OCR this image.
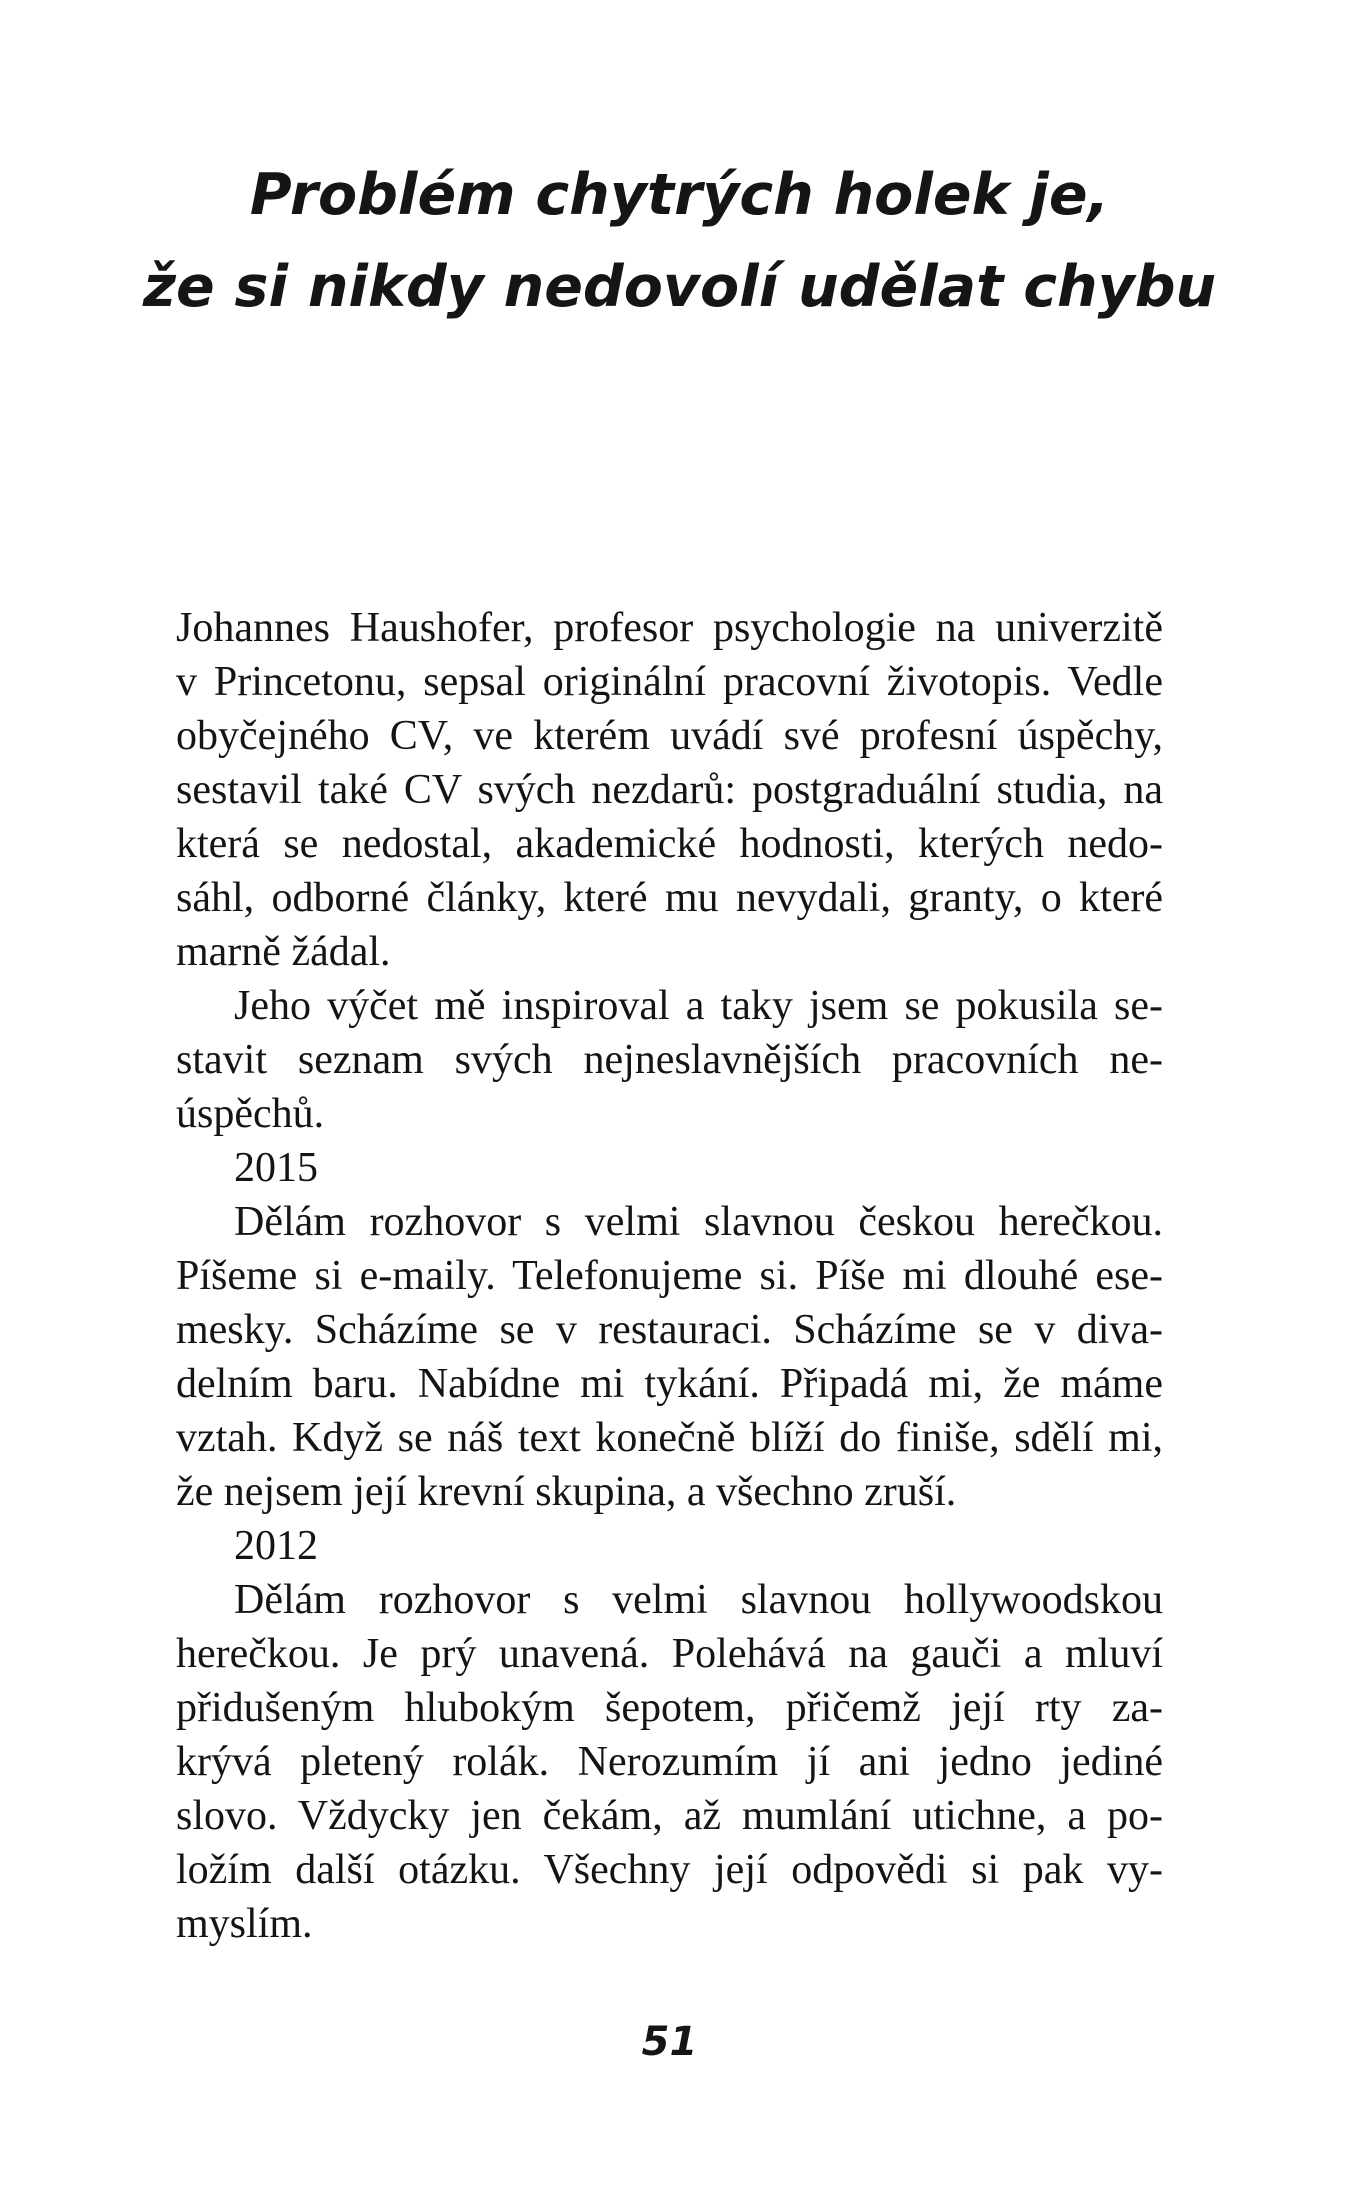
Problém chytrých holek je,
že si nikdy nedovolí udělat chybu
Johannes Haushofer, profesor psychologie na univerzitě
v Princetonu, sepsal originální pracovní životopis. Vedle
obyčejného CV, ve kterém uvádí své profesní úspěchy,
sestavil také CV svých nezdarů: postgraduální studia, na
která se nedostal, akademické hodnosti, kterých nedo-
sáhl, odborné články, které mu nevydali, granty, o které
marně žádal.
Jeho výčet mě inspiroval a taky jsem se pokusila se-
stavit seznam svých nejneslavnějších pracovních ne-
úspěchů.
2015
Dělám rozhovor s velmi slavnou českou herečkou.
Píšeme si e-maily. Telefonujeme si. Píše mi dlouhé ese-
mesky. Scházíme se v restauraci. Scházíme se v diva-
delním baru. Nabídne mi tykání. Připadá mi, že máme
vztah. Když se náš text konečně blíží do finiše, sdělí mi,
že nejsem její krevní skupina, a všechno zruší.
2012
Dělám rozhovor s velmi slavnou hollywoodskou
herečkou. Je prý unavená. Polehává na gauči a mluví
přidušeným hlubokým šepotem, přičemž její rty za-
krývá pletený rolák. Nerozumím jí ani jedno jediné
slovo. Vždycky jen čekám, až mumlání utichne, a po-
ložím další otázku. Všechny její odpovědi si pak vy-
myslím.
51
